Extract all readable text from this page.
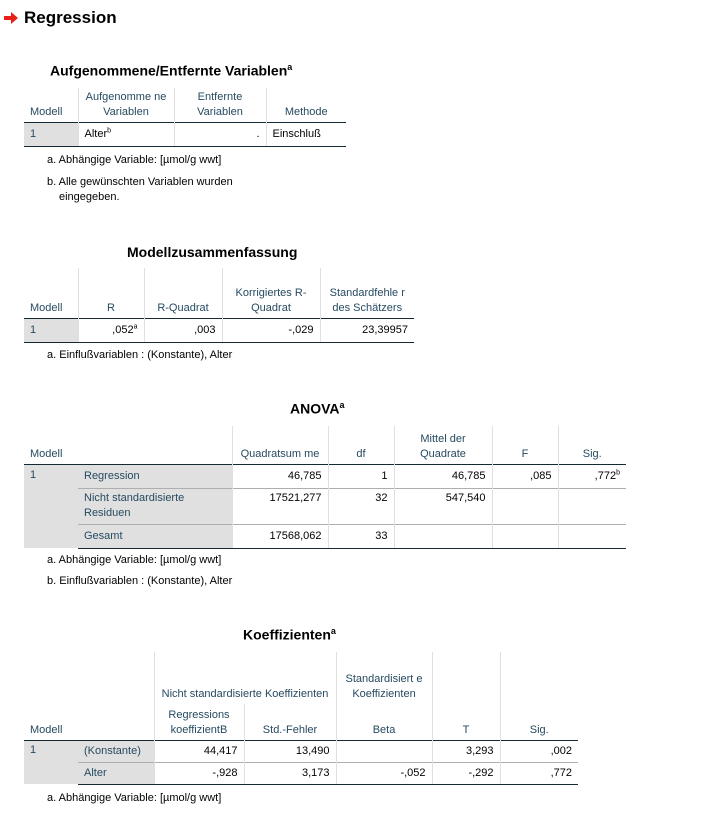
Regression
Aufgenommene/Entfernte Variablen$^a$
Modell	Aufgenomme ne Variablen	Entfernte Variablen	Methode
1	Alter$^b$	.	Einschluß
a. Abhängige Variable: [µmol/g wwt]
b. Alle gewünschten Variablen wurden
eingegeben.
Modellzusammenfassung
Modell	R	R-Quadrat	Korrigiertes R-Quadrat	Standardfehle r des Schätzers
1	,052$^a$	,003	-,029	23,39957
a. Einflußvariablen : (Konstante), Alter
ANOVA$^a$
Modell		Quadratsum me	df	Mittel der Quadrate	F	Sig.
1	Regression	46,785	1	46,785	,085	,772$^b$
	Nicht standardisierte Residuen	17521,277	32	547,540		
	Gesamt	17568,062	33			
a. Abhängige Variable: [µmol/g wwt]
b. Einflußvariablen : (Konstante), Alter
Koeffizienten$^a$
		Nicht standardisierte Koeffizienten		Standardisiert e Koeffizienten		
Modell		Regressions koeffizientB	Std.-Fehler	Beta	T	Sig.
1	(Konstante)	44,417	13,490		3,293	,002
	Alter	-,928	3,173	-,052	-,292	,772
a. Abhängige Variable: [µmol/g wwt]
